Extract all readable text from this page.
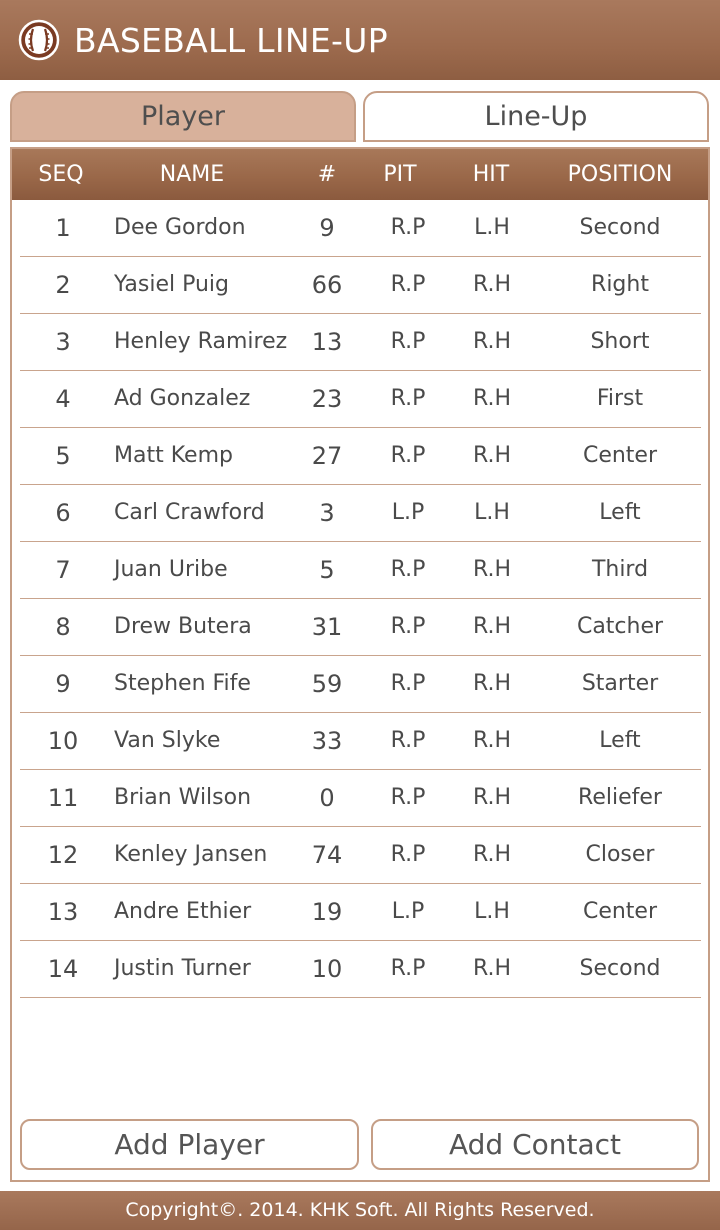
BASEBALL LINE-UP
Player	Line-Up
SEQ	NAME	#	PIT	HIT	POSITION
1	Dee Gordon	9	R.P	L.H	Second
2	Yasiel Puig	66	R.P	R.H	Right
3	Henley Ramirez	13	R.P	R.H	Short
4	Ad Gonzalez	23	R.P	R.H	First
5	Matt Kemp	27	R.P	R.H	Center
6	Carl Crawford	3	L.P	L.H	Left
7	Juan Uribe	5	R.P	R.H	Third
8	Drew Butera	31	R.P	R.H	Catcher
9	Stephen Fife	59	R.P	R.H	Starter
10	Van Slyke	33	R.P	R.H	Left
11	Brian Wilson	0	R.P	R.H	Reliefer
12	Kenley Jansen	74	R.P	R.H	Closer
13	Andre Ethier	19	L.P	L.H	Center
14	Justin Turner	10	R.P	R.H	Second
Add Player	Add Contact
Copyright©. 2014. KHK Soft. All Rights Reserved.
